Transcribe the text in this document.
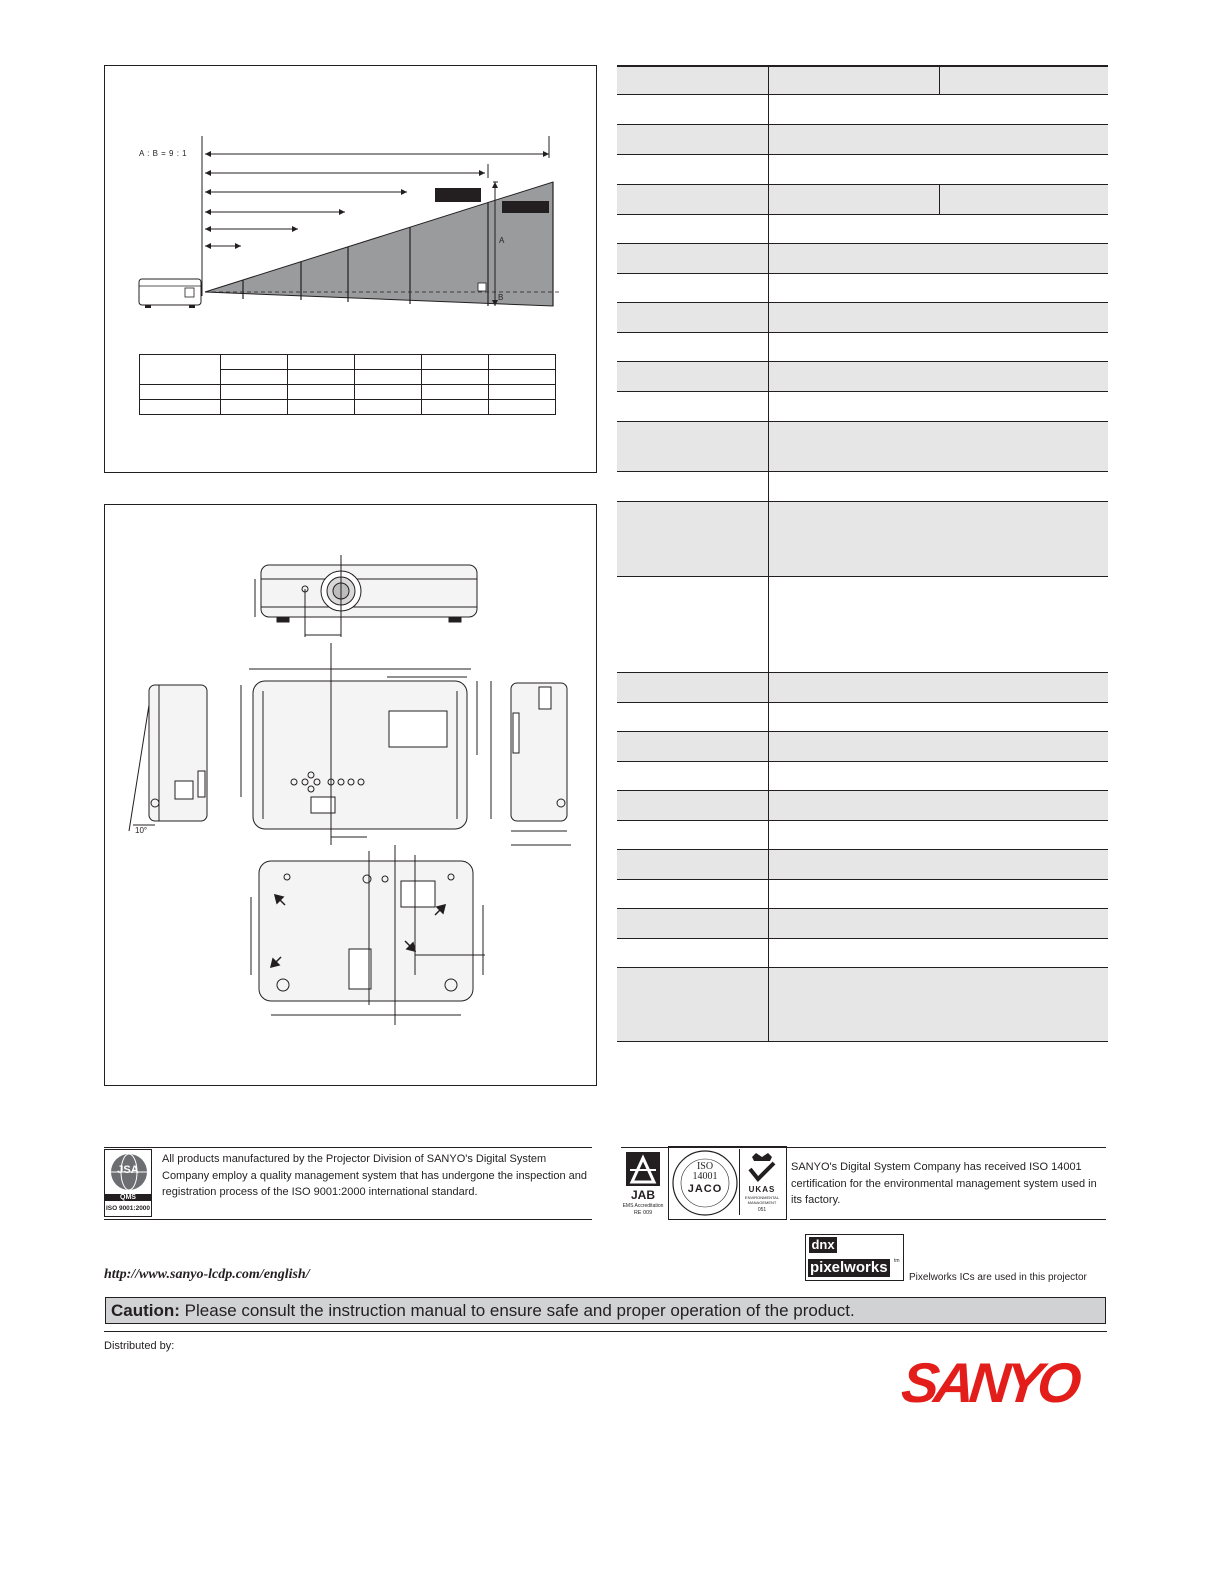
A : B = 9 : 1
A
B

10°
JSA
QMS
ISO 9001:2000

All products manufactured by the Projector Division of SANYO's Digital System Company employ a quality management system that has undergone the inspection and registration process of the ISO 9001:2000 international standard.	JAB
EMS Accreditation
RE 009
ISO
14001
JACO	UKAS
ENVIRONMENTAL MANAGEMENT
051

SANYO's Digital System Company has received ISO 14001 certification for the environmental management system used in its factory.

http://www.sanyo-lcdp.com/english/
dnx
pixelworks	tm
Pixelworks ICs are used in this projector
Caution: Please consult the instruction manual to ensure safe and proper operation of the product.
Distributed by:
SANYO
